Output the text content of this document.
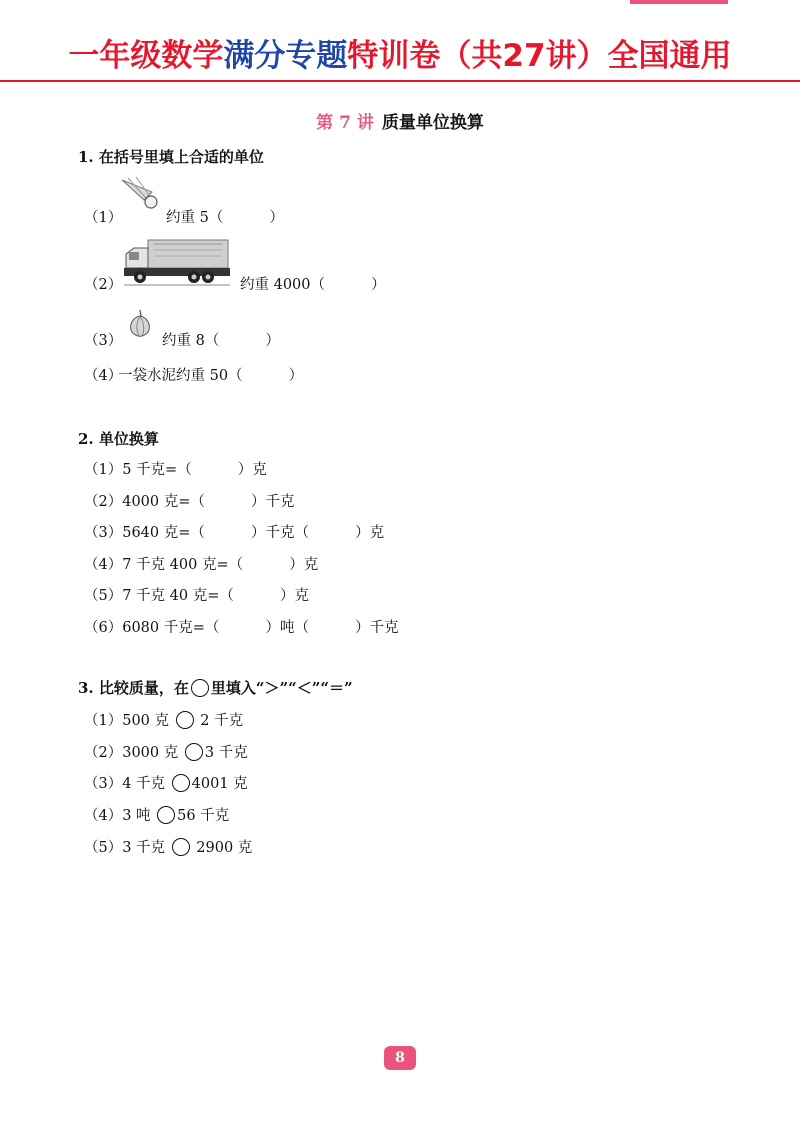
一年级数学满分专题特训卷（共27讲）全国通用
第 7 讲 质量单位换算
1. 在括号里填上合适的单位
（1）	约重 5（          ）
（2）	约重 4000（          ）
（3）	约重 8（          ）
（4）
一袋水泥约重 50（          ）
2. 单位换算
（1）5 千克=（          ）克
（2）4000 克=（          ）千克
（3）5640 克=（          ）千克（          ）克
（4）7 千克 400 克=（          ）克
（5）7 千克 40 克=（          ）克
（6）6080 千克=（          ）吨（          ）千克
3. 比较质量，在 里填入“＞”“＜”“＝”
（1）500 克  2 千克
（2）3000 克 3 千克
（3）4 千克 4001 克
（4）3 吨 56 千克
（5）3 千克  2900 克
8
